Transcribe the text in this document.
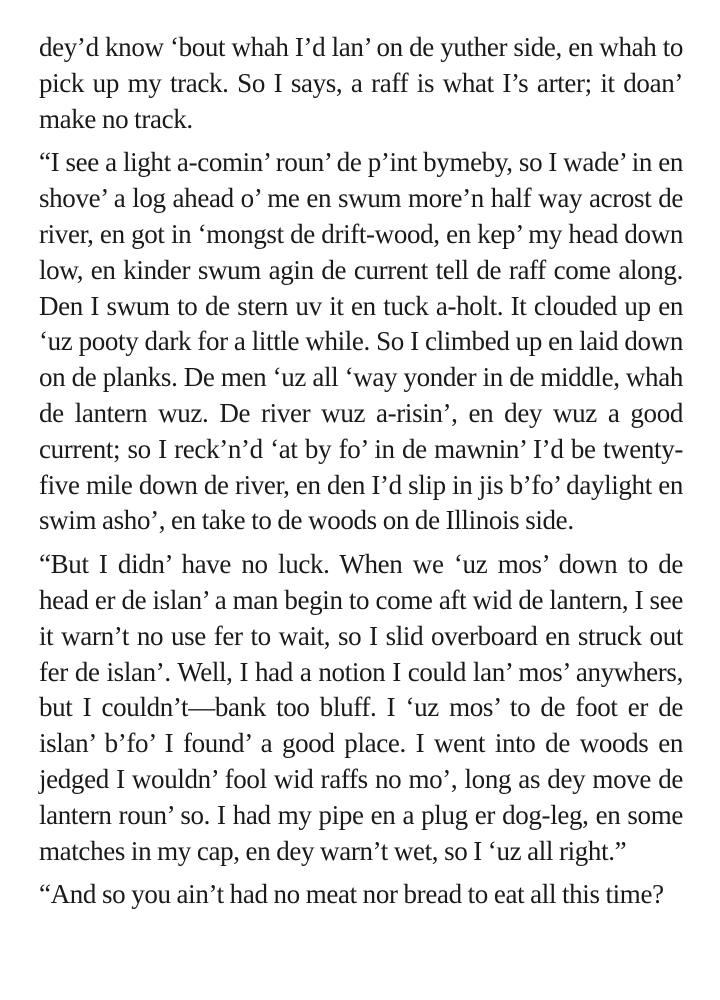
dey’d know ‘bout whah I’d lan’ on de yuther side, en whah to pick up my track. So I says, a raff is what I’s arter; it doan’ make no track.

“I see a light a-comin’ roun’ de p’int bymeby, so I wade’ in en shove’ a log ahead o’ me en swum more’n half way acrost de river, en got in ‘mongst de drift-wood, en kep’ my head down low, en kinder swum agin de current tell de raff come along. Den I swum to de stern uv it en tuck a-holt. It clouded up en ‘uz pooty dark for a little while. So I climbed up en laid down on de planks. De men ‘uz all ‘way yonder in de middle, whah de lantern wuz. De river wuz a-risin’, en dey wuz a good current; so I reck’n’d ‘at by fo’ in de mawnin’ I’d be twenty-five mile down de river, en den I’d slip in jis b’fo’ daylight en swim asho’, en take to de woods on de Illinois side.

“But I didn’ have no luck. When we ‘uz mos’ down to de head er de islan’ a man begin to come aft wid de lantern, I see it warn’t no use fer to wait, so I slid overboard en struck out fer de islan’. Well, I had a notion I could lan’ mos’ anywhers, but I couldn’t—bank too bluff. I ‘uz mos’ to de foot er de islan’ b’fo’ I found’ a good place. I went into de woods en jedged I wouldn’ fool wid raffs no mo’, long as dey move de lantern roun’ so. I had my pipe en a plug er dog-leg, en some matches in my cap, en dey warn’t wet, so I ‘uz all right.”

“And so you ain’t had no meat nor bread to eat all this time?
